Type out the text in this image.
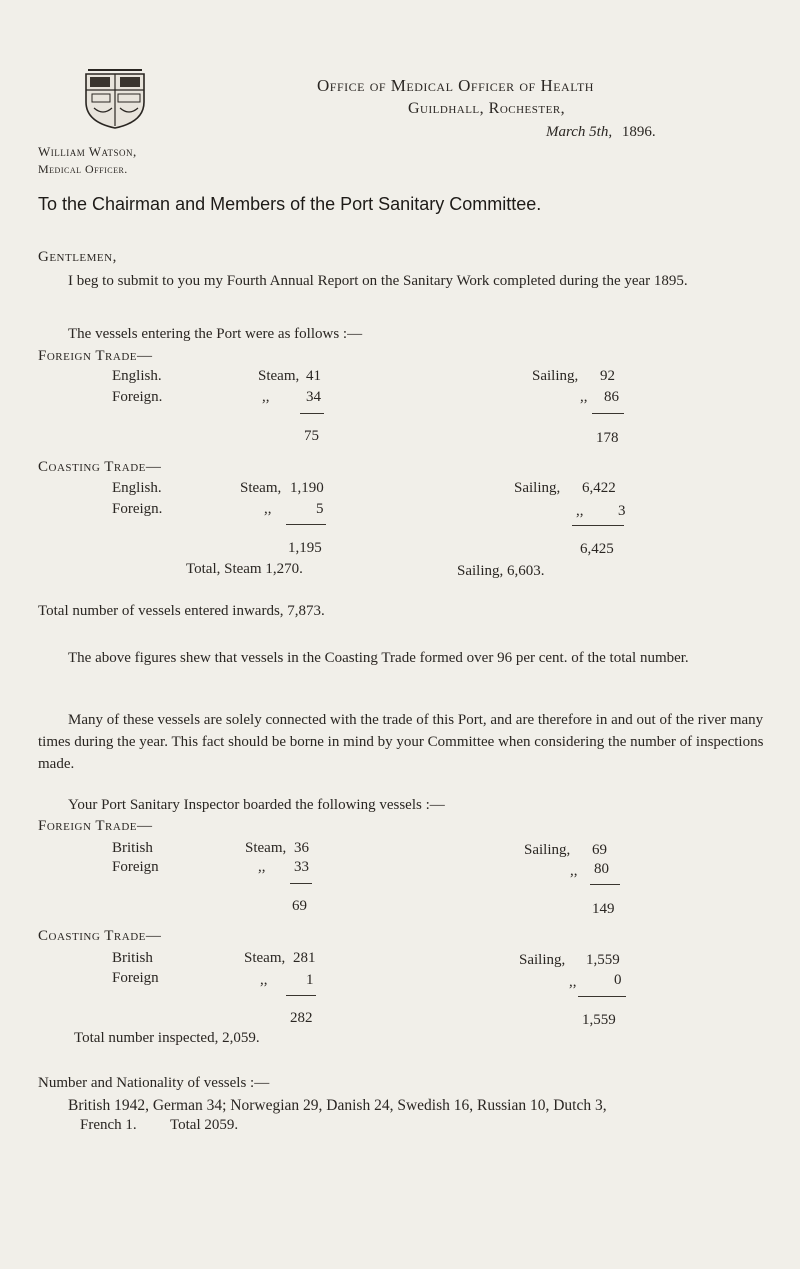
William Watson,
Medical Officer.
Office of Medical Officer of Health
Guildhall, Rochester,
March 5th, 1896.
To the Chairman and Members of the Port Sanitary Committee.
Gentlemen,
I beg to submit to you my Fourth Annual Report on the Sanitary Work completed during the year 1895.
The vessels entering the Port were as follows :—
Foreign Trade—
English.	Steam, 41	Sailing, 92
Foreign.	,, 34	,, 86
75	178
Coasting Trade—
English.	Steam, 1,190	Sailing, 6,422
Foreign.	,,	5	,, 3
1,195	6,425
Total, Steam 1,270.	Sailing, 6,603.
Total number of vessels entered inwards, 7,873.
The above figures shew that vessels in the Coasting Trade formed over 96 per cent. of the total number.
Many of these vessels are solely connected with the trade of this Port, and are therefore in and out of the river many times during the year. This fact should be borne in mind by your Committee when considering the number of inspections made.
Your Port Sanitary Inspector boarded the following vessels :—
Foreign Trade—
British	Steam, 36	Sailing, 69
Foreign	,, 33	,, 80
69	149
Coasting Trade—
British	Steam, 281	Sailing, 1,559
Foreign	,,	1	,,	0
282	1,559
Total number inspected, 2,059.
Number and Nationality of vessels :—
British 1942, German 34; Norwegian 29, Danish 24, Swedish 16, Russian 10, Dutch 3,
French 1. Total 2059.
